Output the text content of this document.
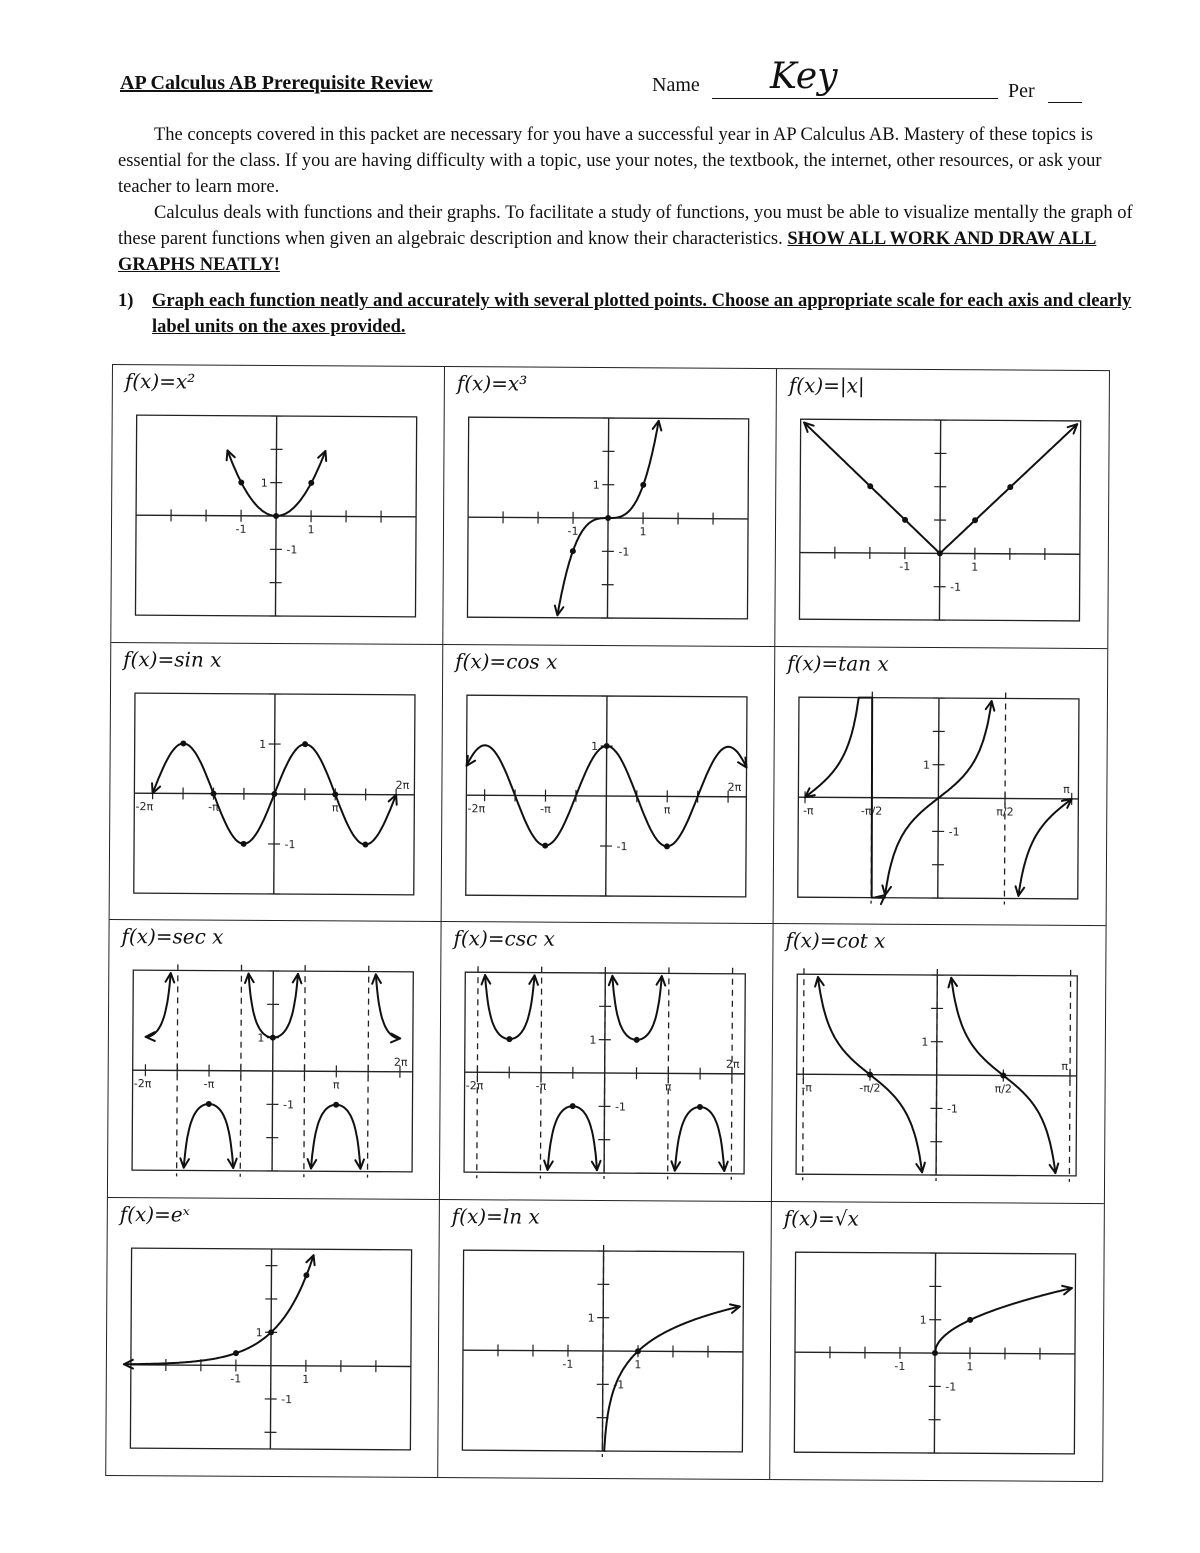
AP Calculus AB Prerequisite Review	Name Key	Per

The concepts covered in this packet are necessary for you have a successful year in AP Calculus AB. Mastery of these topics is essential for the class. If you are having difficulty with a topic, use your notes, the textbook, the internet, other resources, or ask your teacher to learn more.

Calculus deals with functions and their graphs. To facilitate a study of functions, you must be able to visualize mentally the graph of these parent functions when given an algebraic description and know their characteristics. SHOW ALL WORK AND DRAW ALL GRAPHS NEATLY!

1) Graph each function neatly and accurately with several plotted points. Choose an appropriate scale for each axis and clearly label units on the axes provided.
f(x)=x²
-1	1
1
-1
f(x)=x³
-1	1
1
-1
f(x)=|x|
-1	1
-1
f(x)=sin x
-π	π
1
-1
-2π
2π
f(x)=cos x
-π	π
1
-1
-2π
2π
f(x)=tan x
-π/2	π/2
1
-1
-π
π
f(x)=sec x
-π	π
1
-1
-2π
2π
f(x)=csc x
-π	π
1
-1
-2π
2π
f(x)=cot x
-π/2	π/2
1
-1
-π
π
f(x)=eˣ
-1	1
1
-1
f(x)=ln x
-1	1
1
-1
f(x)=√x
-1	1
1
-1
